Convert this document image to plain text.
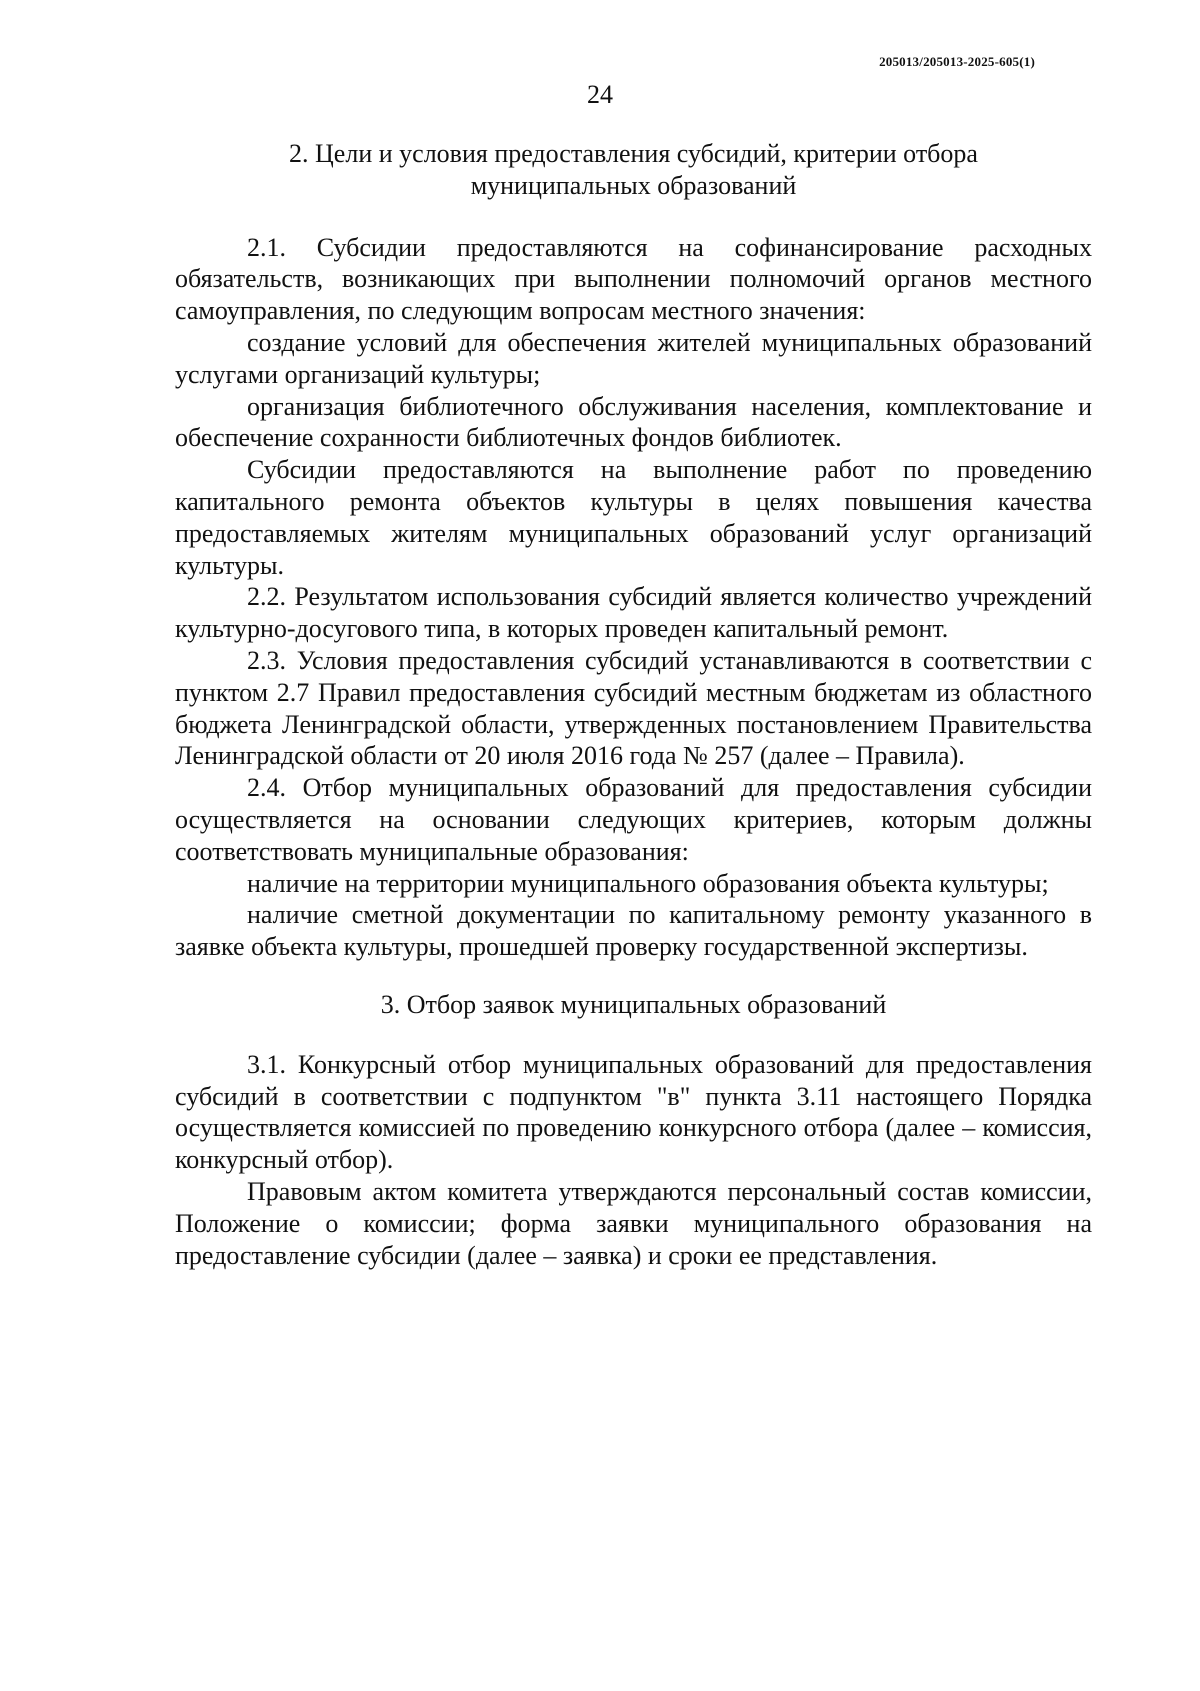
205013/205013-2025-605(1)
24
2. Цели и условия предоставления субсидий, критерии отбора
муниципальных образований

2.1. Субсидии предоставляются на софинансирование расходных обязательств, возникающих при выполнении полномочий органов местного самоуправления, по следующим вопросам местного значения:

создание условий для обеспечения жителей муниципальных образований услугами организаций культуры;

организация библиотечного обслуживания населения, комплектование и обеспечение сохранности библиотечных фондов библиотек.

Субсидии предоставляются на выполнение работ по проведению капитального ремонта объектов культуры в целях повышения качества предоставляемых жителям муниципальных образований услуг организаций культуры.

2.2. Результатом использования субсидий является количество учреждений культурно-досугового типа, в которых проведен капитальный ремонт.

2.3. Условия предоставления субсидий устанавливаются в соответствии с пунктом 2.7 Правил предоставления субсидий местным бюджетам из областного бюджета Ленинградской области, утвержденных постановлением Правительства Ленинградской области от 20 июля 2016 года № 257 (далее – Правила).

2.4. Отбор муниципальных образований для предоставления субсидии осуществляется на основании следующих критериев, которым должны соответствовать муниципальные образования:

наличие на территории муниципального образования объекта культуры;

наличие сметной документации по капитальному ремонту указанного в заявке объекта культуры, прошедшей проверку государственной экспертизы.

3. Отбор заявок муниципальных образований

3.1. Конкурсный отбор муниципальных образований для предоставления субсидий в соответствии с подпунктом "в" пункта 3.11 настоящего Порядка осуществляется комиссией по проведению конкурсного отбора (далее – комиссия, конкурсный отбор).

Правовым актом комитета утверждаются персональный состав комиссии, Положение о комиссии; форма заявки муниципального образования на предоставление субсидии (далее – заявка) и сроки ее представления.
